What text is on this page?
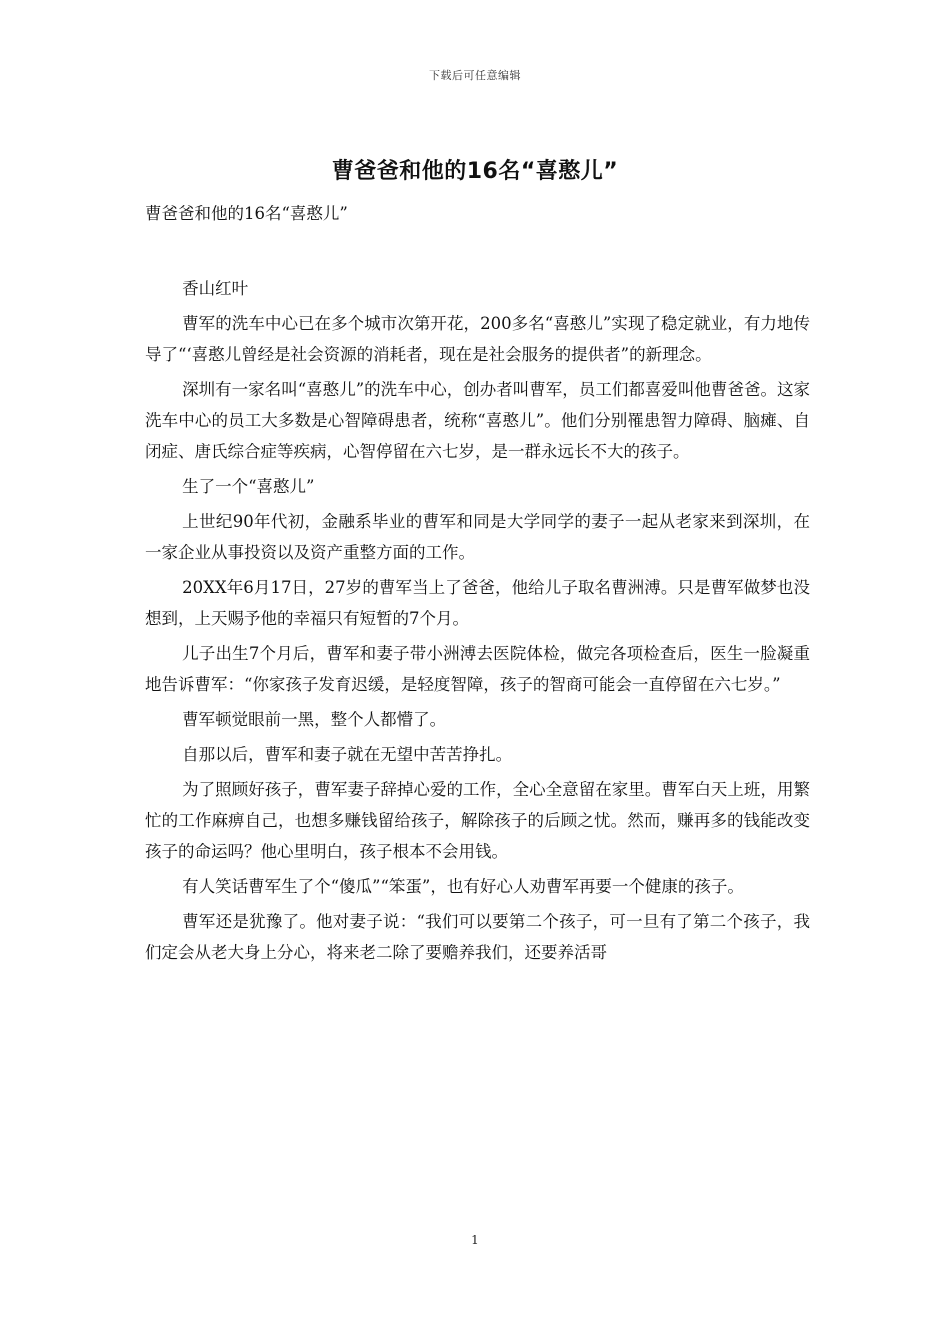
下载后可任意编辑
曹爸爸和他的16名“喜憨儿”

曹爸爸和他的16名“喜憨儿”

香山红叶

曹军的洗车中心已在多个城市次第开花，200多名“喜憨儿”实现了稳定就业，有力地传导了“‘喜憨儿曾经是社会资源的消耗者，现在是社会服务的提供者”的新理念。

深圳有一家名叫“喜憨儿”的洗车中心，创办者叫曹军，员工们都喜爱叫他曹爸爸。这家洗车中心的员工大多数是心智障碍患者，统称“喜憨儿”。他们分别罹患智力障碍、脑瘫、自闭症、唐氏综合症等疾病，心智停留在六七岁，是一群永远长不大的孩子。

生了一个“喜憨儿”

上世纪90年代初，金融系毕业的曹军和同是大学同学的妻子一起从老家来到深圳，在一家企业从事投资以及资产重整方面的工作。

20XX年6月17日，27岁的曹军当上了爸爸，他给儿子取名曹洲溥。只是曹军做梦也没想到，上天赐予他的幸福只有短暂的7个月。

儿子出生7个月后，曹军和妻子带小洲溥去医院体检，做完各项检查后，医生一脸凝重地告诉曹军：“你家孩子发育迟缓，是轻度智障，孩子的智商可能会一直停留在六七岁。”

曹军顿觉眼前一黑，整个人都懵了。

自那以后，曹军和妻子就在无望中苦苦挣扎。

为了照顾好孩子，曹军妻子辞掉心爱的工作，全心全意留在家里。曹军白天上班，用繁忙的工作麻痹自己，也想多赚钱留给孩子，解除孩子的后顾之忧。然而，赚再多的钱能改变孩子的命运吗？他心里明白，孩子根本不会用钱。

有人笑话曹军生了个“傻瓜”“笨蛋”，也有好心人劝曹军再要一个健康的孩子。

曹军还是犹豫了。他对妻子说：“我们可以要第二个孩子，可一旦有了第二个孩子，我们定会从老大身上分心，将来老二除了要赡养我们，还要养活哥

1
